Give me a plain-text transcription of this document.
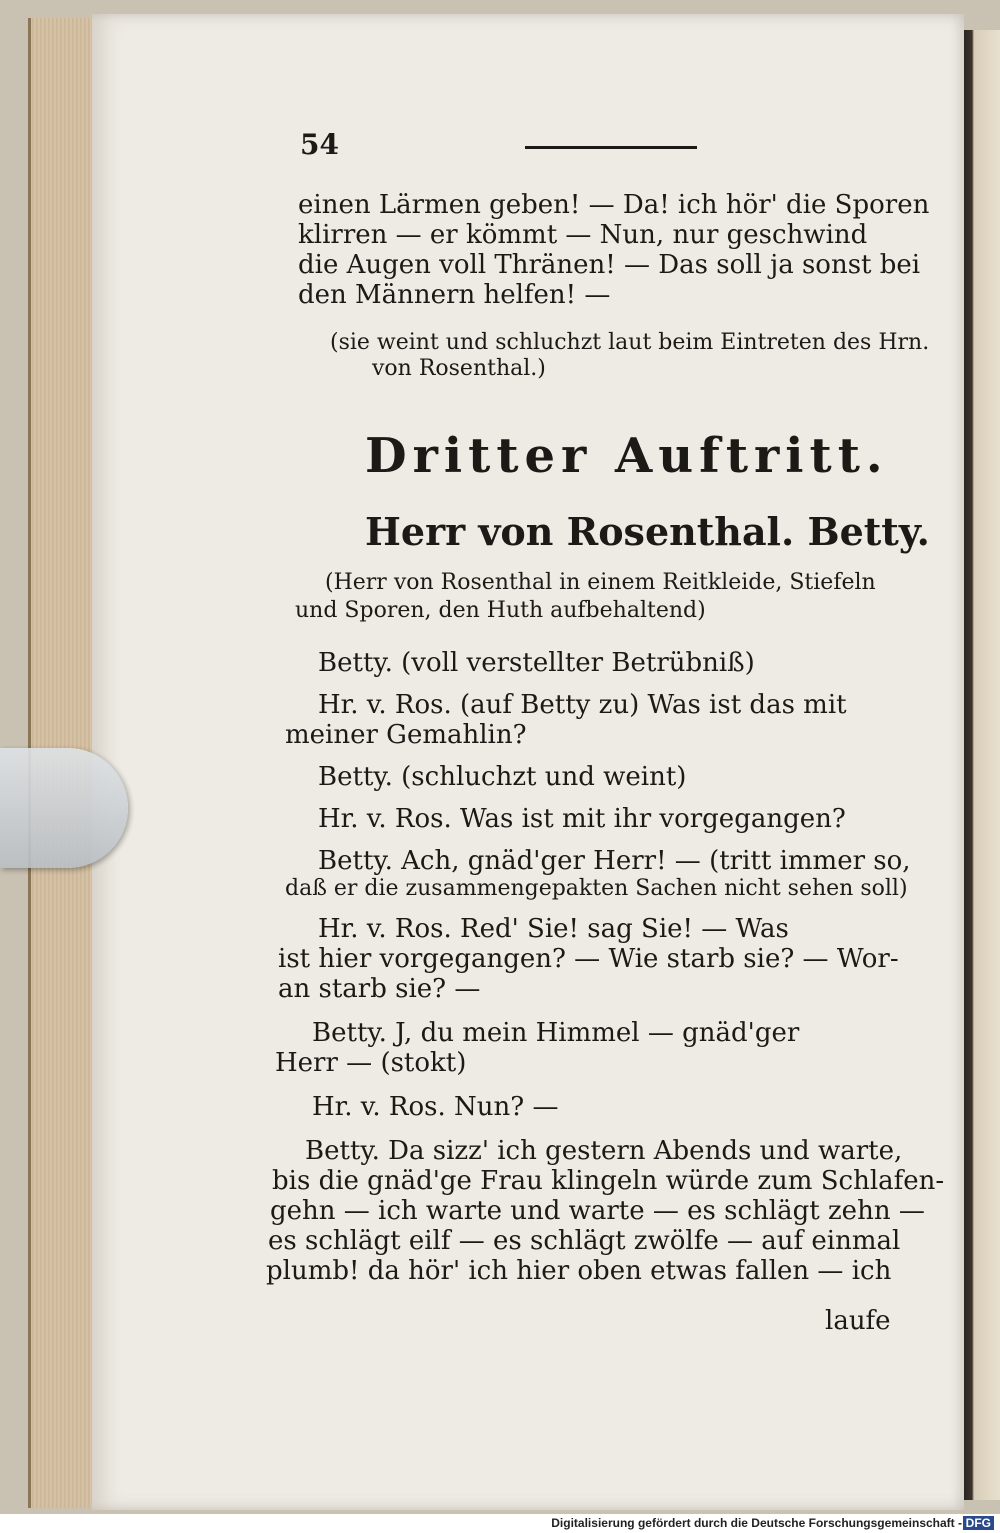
54
einen Lärmen geben! — Da! ich hör' die Sporen
klirren — er kömmt — Nun, nur geschwind
die Augen voll Thränen! — Das soll ja sonst bei
den Männern helfen! —
(sie weint und schluchzt laut beim Eintreten des Hrn.
von Rosenthal.)
Dritter Auftritt.
Herr von Rosenthal. Betty.
(Herr von Rosenthal in einem Reitkleide, Stiefeln
und Sporen, den Huth aufbehaltend)
Betty. (voll verstellter Betrübniß)
Hr. v. Ros. (auf Betty zu) Was ist das mit
meiner Gemahlin?
Betty. (schluchzt und weint)
Hr. v. Ros. Was ist mit ihr vorgegangen?
Betty. Ach, gnäd'ger Herr! — (tritt immer so,
daß er die zusammengepakten Sachen nicht sehen soll)
Hr. v. Ros. Red' Sie! sag Sie! — Was
ist hier vorgegangen? — Wie starb sie? — Wor-
an starb sie? —
Betty. J, du mein Himmel — gnäd'ger
Herr — (stokt)
Hr. v. Ros. Nun? —
Betty. Da sizz' ich gestern Abends und warte,
bis die gnäd'ge Frau klingeln würde zum Schlafen-
gehn — ich warte und warte — es schlägt zehn —
es schlägt eilf — es schlägt zwölfe — auf einmal
plumb! da hör' ich hier oben etwas fallen — ich
laufe
Digitalisierung gefördert durch die Deutsche Forschungsgemeinschaft - DFG
